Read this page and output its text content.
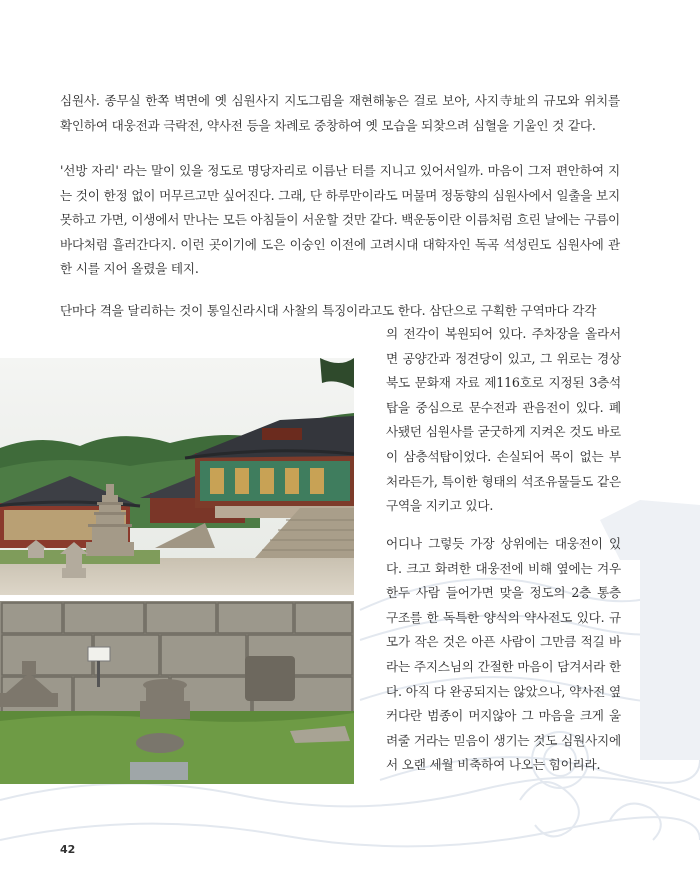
심원사. 종무실 한쪽 벽면에 옛 심원사지 지도그림을 재현해놓은 걸로 보아, 사지寺址의 규모와 위치를 확인하여 대웅전과 극락전, 약사전 등을 차례로 중창하여 옛 모습을 되찾으려 심혈을 기울인 것 같다.

'선방 자리' 라는 말이 있을 정도로 명당자리로 이름난 터를 지니고 있어서일까. 마음이 그저 편안하여 지는 것이 한정 없이 머무르고만 싶어진다. 그래, 단 하루만이라도 머물며 정동향의 심원사에서 일출을 보지 못하고 가면, 이생에서 만나는 모든 아침들이 서운할 것만 같다. 백운동이란 이름처럼 흐린 날에는 구름이 바다처럼 흘러간다지. 이런 곳이기에 도은 이숭인 이전에 고려시대 대학자인 독곡 석성린도 심원사에 관한 시를 지어 올렸을 테지.

단마다 격을 달리하는 것이 통일신라시대 사찰의 특징이라고도 한다. 삼단으로 구획한 구역마다 각각

의 전각이 복원되어 있다. 주차장을 올라서면 공양간과 정견당이 있고, 그 위로는 경상북도 문화재 자료 제116호로 지정된 3층석탑을 중심으로 문수전과 관음전이 있다. 폐사됐던 심원사를 굳굿하게 지켜온 것도 바로 이 삼층석탑이었다. 손실되어 목이 없는 부처라든가, 특이한 형태의 석조유물들도 같은 구역을 지키고 있다.

어디나 그렇듯 가장 상위에는 대웅전이 있다. 크고 화려한 대웅전에 비해 옆에는 겨우 한두 사람 들어가면 맞을 정도의 2층 통층 구조를 한 독특한 양식의 약사전도 있다. 규모가 작은 것은 아픈 사람이 그만큼 적길 바라는 주지스님의 간절한 마음이 담겨서라 한다. 아직 다 완공되지는 않았으나, 약사전 옆 커다란 범종이 머지않아 그 마음을 크게 울려줄 거라는 믿음이 생기는 것도 심원사지에서 오랜 세월 비축하여 나오는 힘이리라.

42
